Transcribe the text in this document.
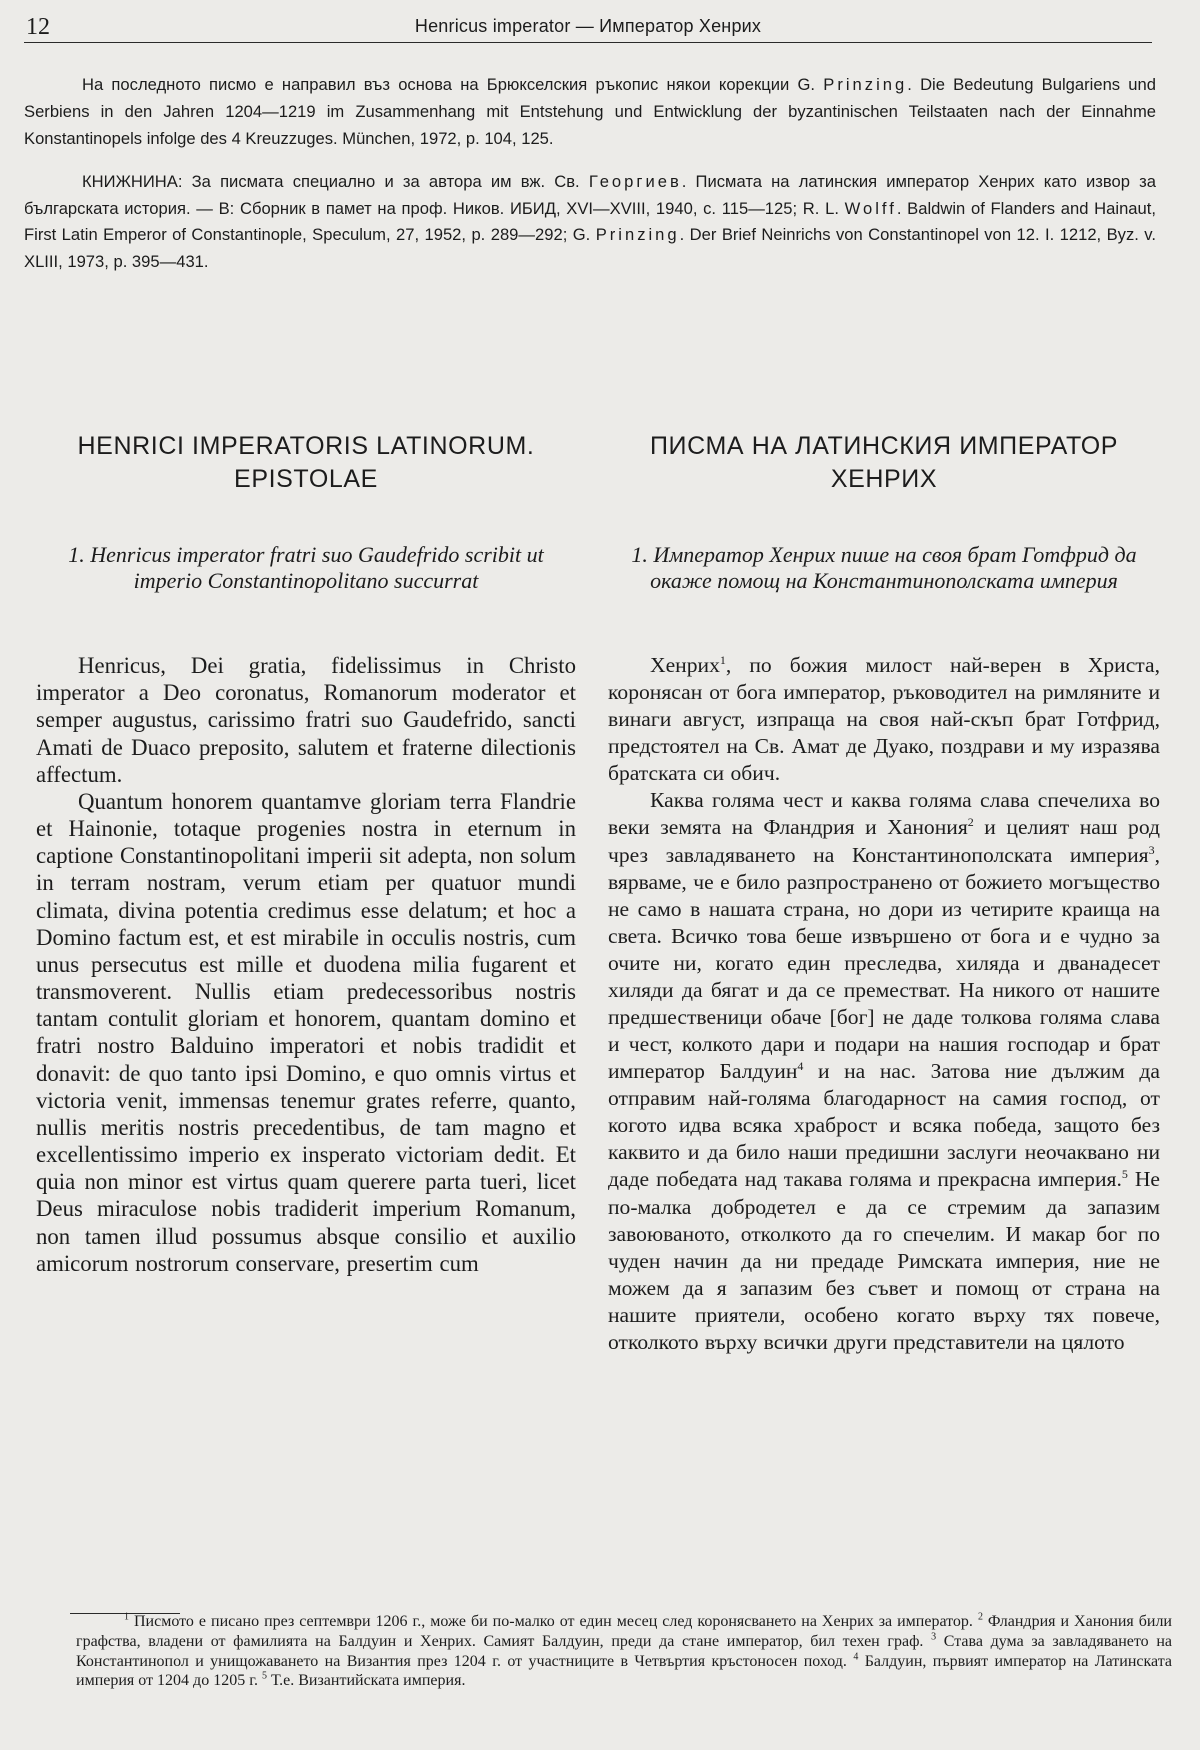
12	Henricus imperator — Император Хенрих

На последното писмо е направил въз основа на Брюкселския ръкопис някои корекции G. Prinzing. Die Bedeutung Bulgariens und Serbiens in den Jahren 1204—1219 im Zusammenhang mit Entstehung und Entwicklung der byzantinischen Teilstaaten nach der Einnahme Konstantinopels infolge des 4 Kreuzzuges. München, 1972, p. 104, 125.

КНИЖНИНА: За писмата специално и за автора им вж. Св. Георгиев. Писмата на латинския император Хенрих като извор за българската история. — В: Сборник в памет на проф. Ников. ИБИД, XVI—XVIII, 1940, с. 115—125; R. L. Wolff. Baldwin of Flanders and Hainaut, First Latin Emperor of Constantinople, Speculum, 27, 1952, p. 289—292; G. Prinzing. Der Brief Neinrichs von Constantinopel von 12. I. 1212, Byz. v. XLIII, 1973, p. 395—431.

HENRICI IMPERATORIS LATINORUM.
EPISTOLAE
1. Henricus imperator fratri suo Gaudefrido scribit ut imperio Constantinopolitano succurrat

Henricus, Dei gratia, fidelissimus in Christo imperator a Deo coronatus, Romanorum moderator et semper augustus, carissimo fratri suo Gaudefrido, sancti Amati de Duaco preposito, salutem et fraterne dilectionis affectum.

Quantum honorem quantamve gloriam terra Flandrie et Hainonie, totaque progenies nostra in eternum in captione Constantinopolitani imperii sit adepta, non solum in terram nostram, verum etiam per quatuor mundi climata, divina potentia credimus esse delatum; et hoc a Domino factum est, et est mirabile in occulis nostris, cum unus persecutus est mille et duodena milia fugarent et transmoverent. Nullis etiam predecessoribus nostris tantam contulit gloriam et honorem, quantam domino et fratri nostro Balduino imperatori et nobis tradidit et donavit: de quo tanto ipsi Domino, e quo omnis virtus et victoria venit, immensas tenemur grates referre, quanto, nullis meritis nostris precedentibus, de tam magno et excellentissimo imperio ex insperato victoriam dedit. Et quia non minor est virtus quam querere parta tueri, licet Deus miraculose nobis tradiderit imperium Romanum, non tamen illud possumus absque consilio et auxilio amicorum nostrorum conservare, presertim cum

ПИСМА НА ЛАТИНСКИЯ ИМПЕРАТОР
ХЕНРИХ
1. Император Хенрих пише на своя брат Готфрид да окаже помощ на Константинополската империя

Хенрих$^1$, по божия милост най-верен в Христа, коронясан от бога император, ръководител на римляните и винаги август, изпраща на своя най-скъп брат Готфрид, предстоятел на Св. Амат де Дуако, поздрави и му изразява братската си обич.

Каква голяма чест и каква голяма слава спечелиха во веки земята на Фландрия и Ханония$^2$ и целият наш род чрез завладяването на Константинополската империя$^3$, вярваме, че е било разпространено от божието могъщество не само в нашата страна, но дори из четирите краища на света. Всичко това беше извършено от бога и е чудно за очите ни, когато един преследва, хиляда и дванадесет хиляди да бягат и да се преместват. На никого от нашите предшественици обаче [бог] не даде толкова голяма слава и чест, колкото дари и подари на нашия господар и брат император Балдуин$^4$ и на нас. Затова ние дължим да отправим най-голяма благодарност на самия господ, от когото идва всяка храброст и всяка победа, защото без каквито и да било наши предишни заслуги неочаквано ни даде победата над такава голяма и прекрасна империя.$^5$ Не по-малка добродетел е да се стремим да запазим завоюваното, отколкото да го спечелим. И макар бог по чуден начин да ни предаде Римската империя, ние не можем да я запазим без съвет и помощ от страна на нашите приятели, особено когато върху тях повече, отколкото върху всички други представители на цялото

$^1$ Писмото е писано през септември 1206 г., може би по-малко от един месец след коронясването на Хенрих за император. $^2$ Фландрия и Ханония били графства, владени от фамилията на Балдуин и Хенрих. Самият Балдуин, преди да стане император, бил техен граф. $^3$ Става дума за завладяването на Константинопол и унищожаването на Византия през 1204 г. от участниците в Четвъртия кръстоносен поход. $^4$ Балдуин, първият император на Латинската империя от 1204 до 1205 г. $^5$ Т.е. Византийската империя.
